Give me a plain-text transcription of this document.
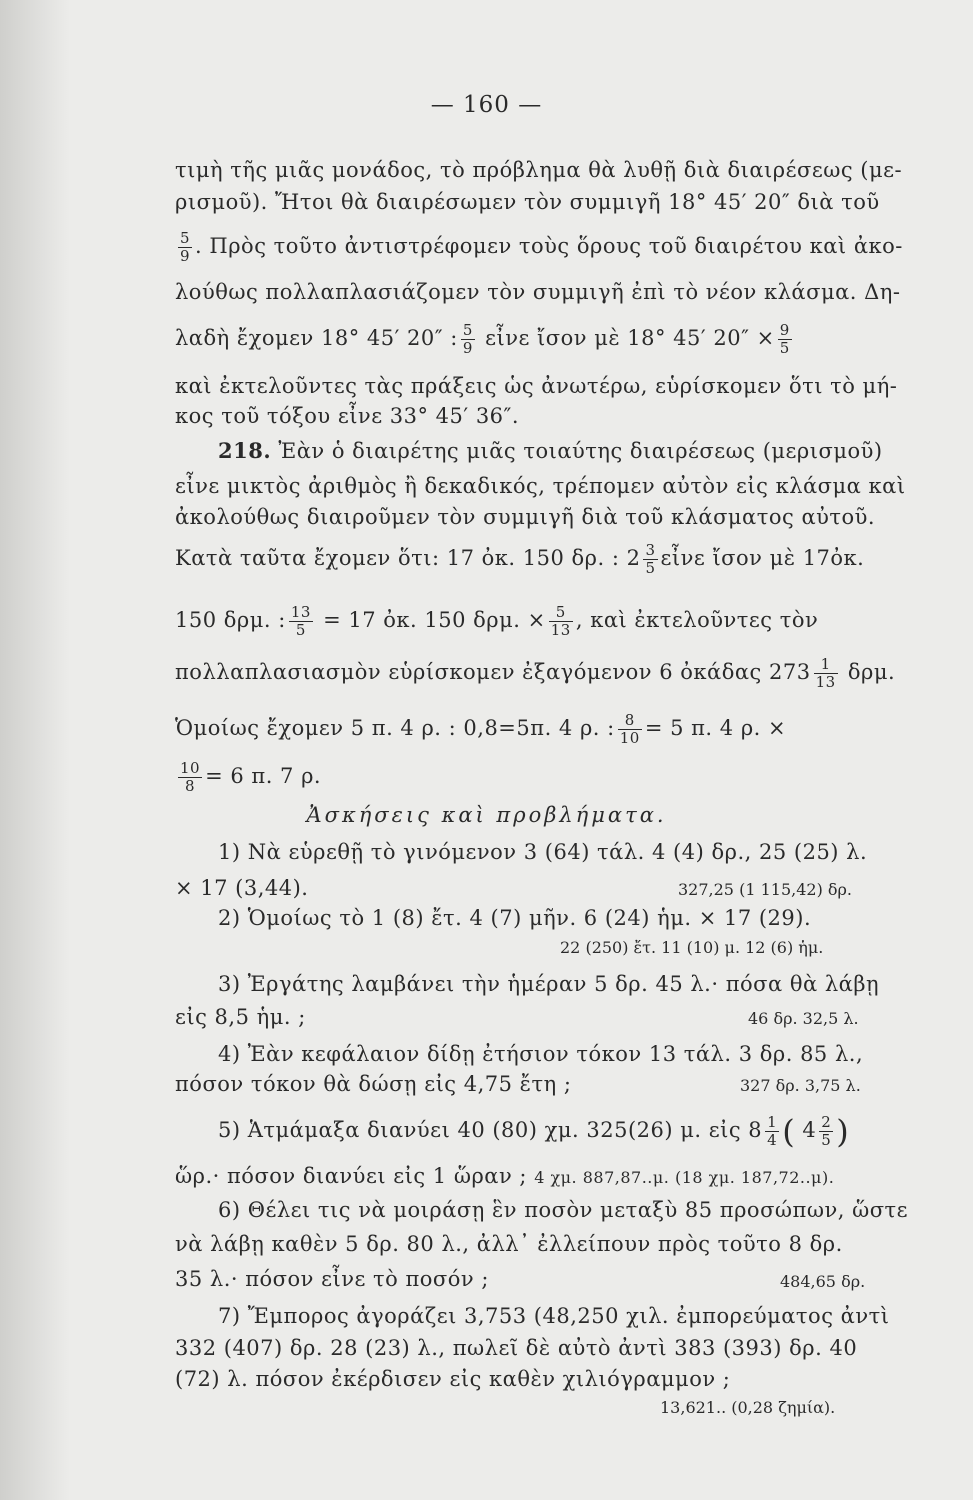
— 160 —
τιμὴ τῆς μιᾶς μονάδος, τὸ πρόβλημα θὰ λυθῇ διὰ διαιρέσεως (με-
ρισμοῦ). Ἤτοι θὰ διαιρέσωμεν τὸν συμμιγῆ 18° 45′ 20″ διὰ τοῦ
$\frac{5}{9}$ . Πρὸς τοῦτο ἀντιστρέφομεν τοὺς ὅρους τοῦ διαιρέτου καὶ ἀκο-
λούθως πολλαπλασιάζομεν τὸν συμμιγῆ ἐπὶ τὸ νέον κλάσμα. Δη-
λαδὴ ἔχομεν 18° 45′ 20″ : $\frac{5}{9}$ εἶνε ἴσον μὲ 18° 45′ $20'' \times \frac{9}{5}$
καὶ ἐκτελοῦντες τὰς πράξεις ὡς ἀνωτέρω, εὑρίσκομεν ὅτι τὸ μή-
κος τοῦ τόξου εἶνε 33° 45′ 36″.
218. Ἐὰν ὁ διαιρέτης μιᾶς τοιαύτης διαιρέσεως (μερισμοῦ)
εἶνε μικτὸς ἀριθμὸς ἢ δεκαδικός, τρέπομεν αὐτὸν εἰς κλάσμα καὶ
ἀκολούθως διαιροῦμεν τὸν συμμιγῆ διὰ τοῦ κλάσματος αὐτοῦ.
Κατὰ ταῦτα ἔχομεν ὅτι: 17 ὀκ. 150 δρ. : $2 \frac{3}{5}$ εἶνε ἴσον μὲ 17ὀκ.
150 δρμ. : $\frac{13}{5} = 17$ ὀκ. 150 δρμ. × $\frac{5}{13}$ , καὶ ἐκτελοῦντες τὸν
πολλαπλασιασμὸν εὑρίσκομεν ἐξαγόμενον 6 ὀκάδας $273 \frac{1}{13} \delta\rho\mu$.
Ὁμοίως ἔχομεν 5 π. 4 ρ. : 0,8=5π. 4 ρ. : $\frac{8}{10} = 5$ π. 4 ρ. ×
$\frac{10}{8} = 6$ π. 7 ρ.
Ἀσκήσεις καὶ προβλήματα.
1) Νὰ εὑρεθῇ τὸ γινόμενον 3 (64) τάλ. 4 (4) δρ., 25 (25) λ.
× 17 (3,44).	327,25 (1 115,42) δρ.
2) Ὁμοίως τὸ 1 (8) ἔτ. 4 (7) μῆν. 6 (24) ἡμ. × 17 (29).
22 (250) ἔτ. 11 (10) μ. 12 (6) ἡμ.
3) Ἐργάτης λαμβάνει τὴν ἡμέραν 5 δρ. 45 λ.· πόσα θὰ λάβῃ
εἰς 8,5 ἡμ. ;	46 δρ. 32,5 λ.
4) Ἐὰν κεφάλαιον δίδῃ ἐτήσιον τόκον 13 τάλ. 3 δρ. 85 λ.,
πόσον τόκον θὰ δώσῃ εἰς 4,75 ἔτη ;	327 δρ. 3,75 λ.
5) Ἁτμάμαξα διανύει 40 (80) χμ. 325(26) μ. εἰς $8 \frac{1}{4}$ ( $4 \frac{2}{5}$ )
ὥρ.· πόσον διανύει εἰς 1 ὥραν ; 4 χμ. 887,87..μ. (18 χμ. 187,72..μ).
6) Θέλει τις νὰ μοιράσῃ ἓν ποσὸν μεταξὺ 85 προσώπων, ὥστε
νὰ λάβῃ καθὲν 5 δρ. 80 λ., ἀλλ᾽ ἐλλείπουν πρὸς τοῦτο 8 δρ.
35 λ.· πόσον εἶνε τὸ ποσόν ;	484,65 δρ.
7) Ἔμπορος ἀγοράζει 3,753 (48,250 χιλ. ἐμπορεύματος ἀντὶ
332 (407) δρ. 28 (23) λ., πωλεῖ δὲ αὐτὸ ἀντὶ 383 (393) δρ. 40
(72) λ. πόσον ἐκέρδισεν εἰς καθὲν χιλιόγραμμον ;
13,621.. (0,28 ζημία).
